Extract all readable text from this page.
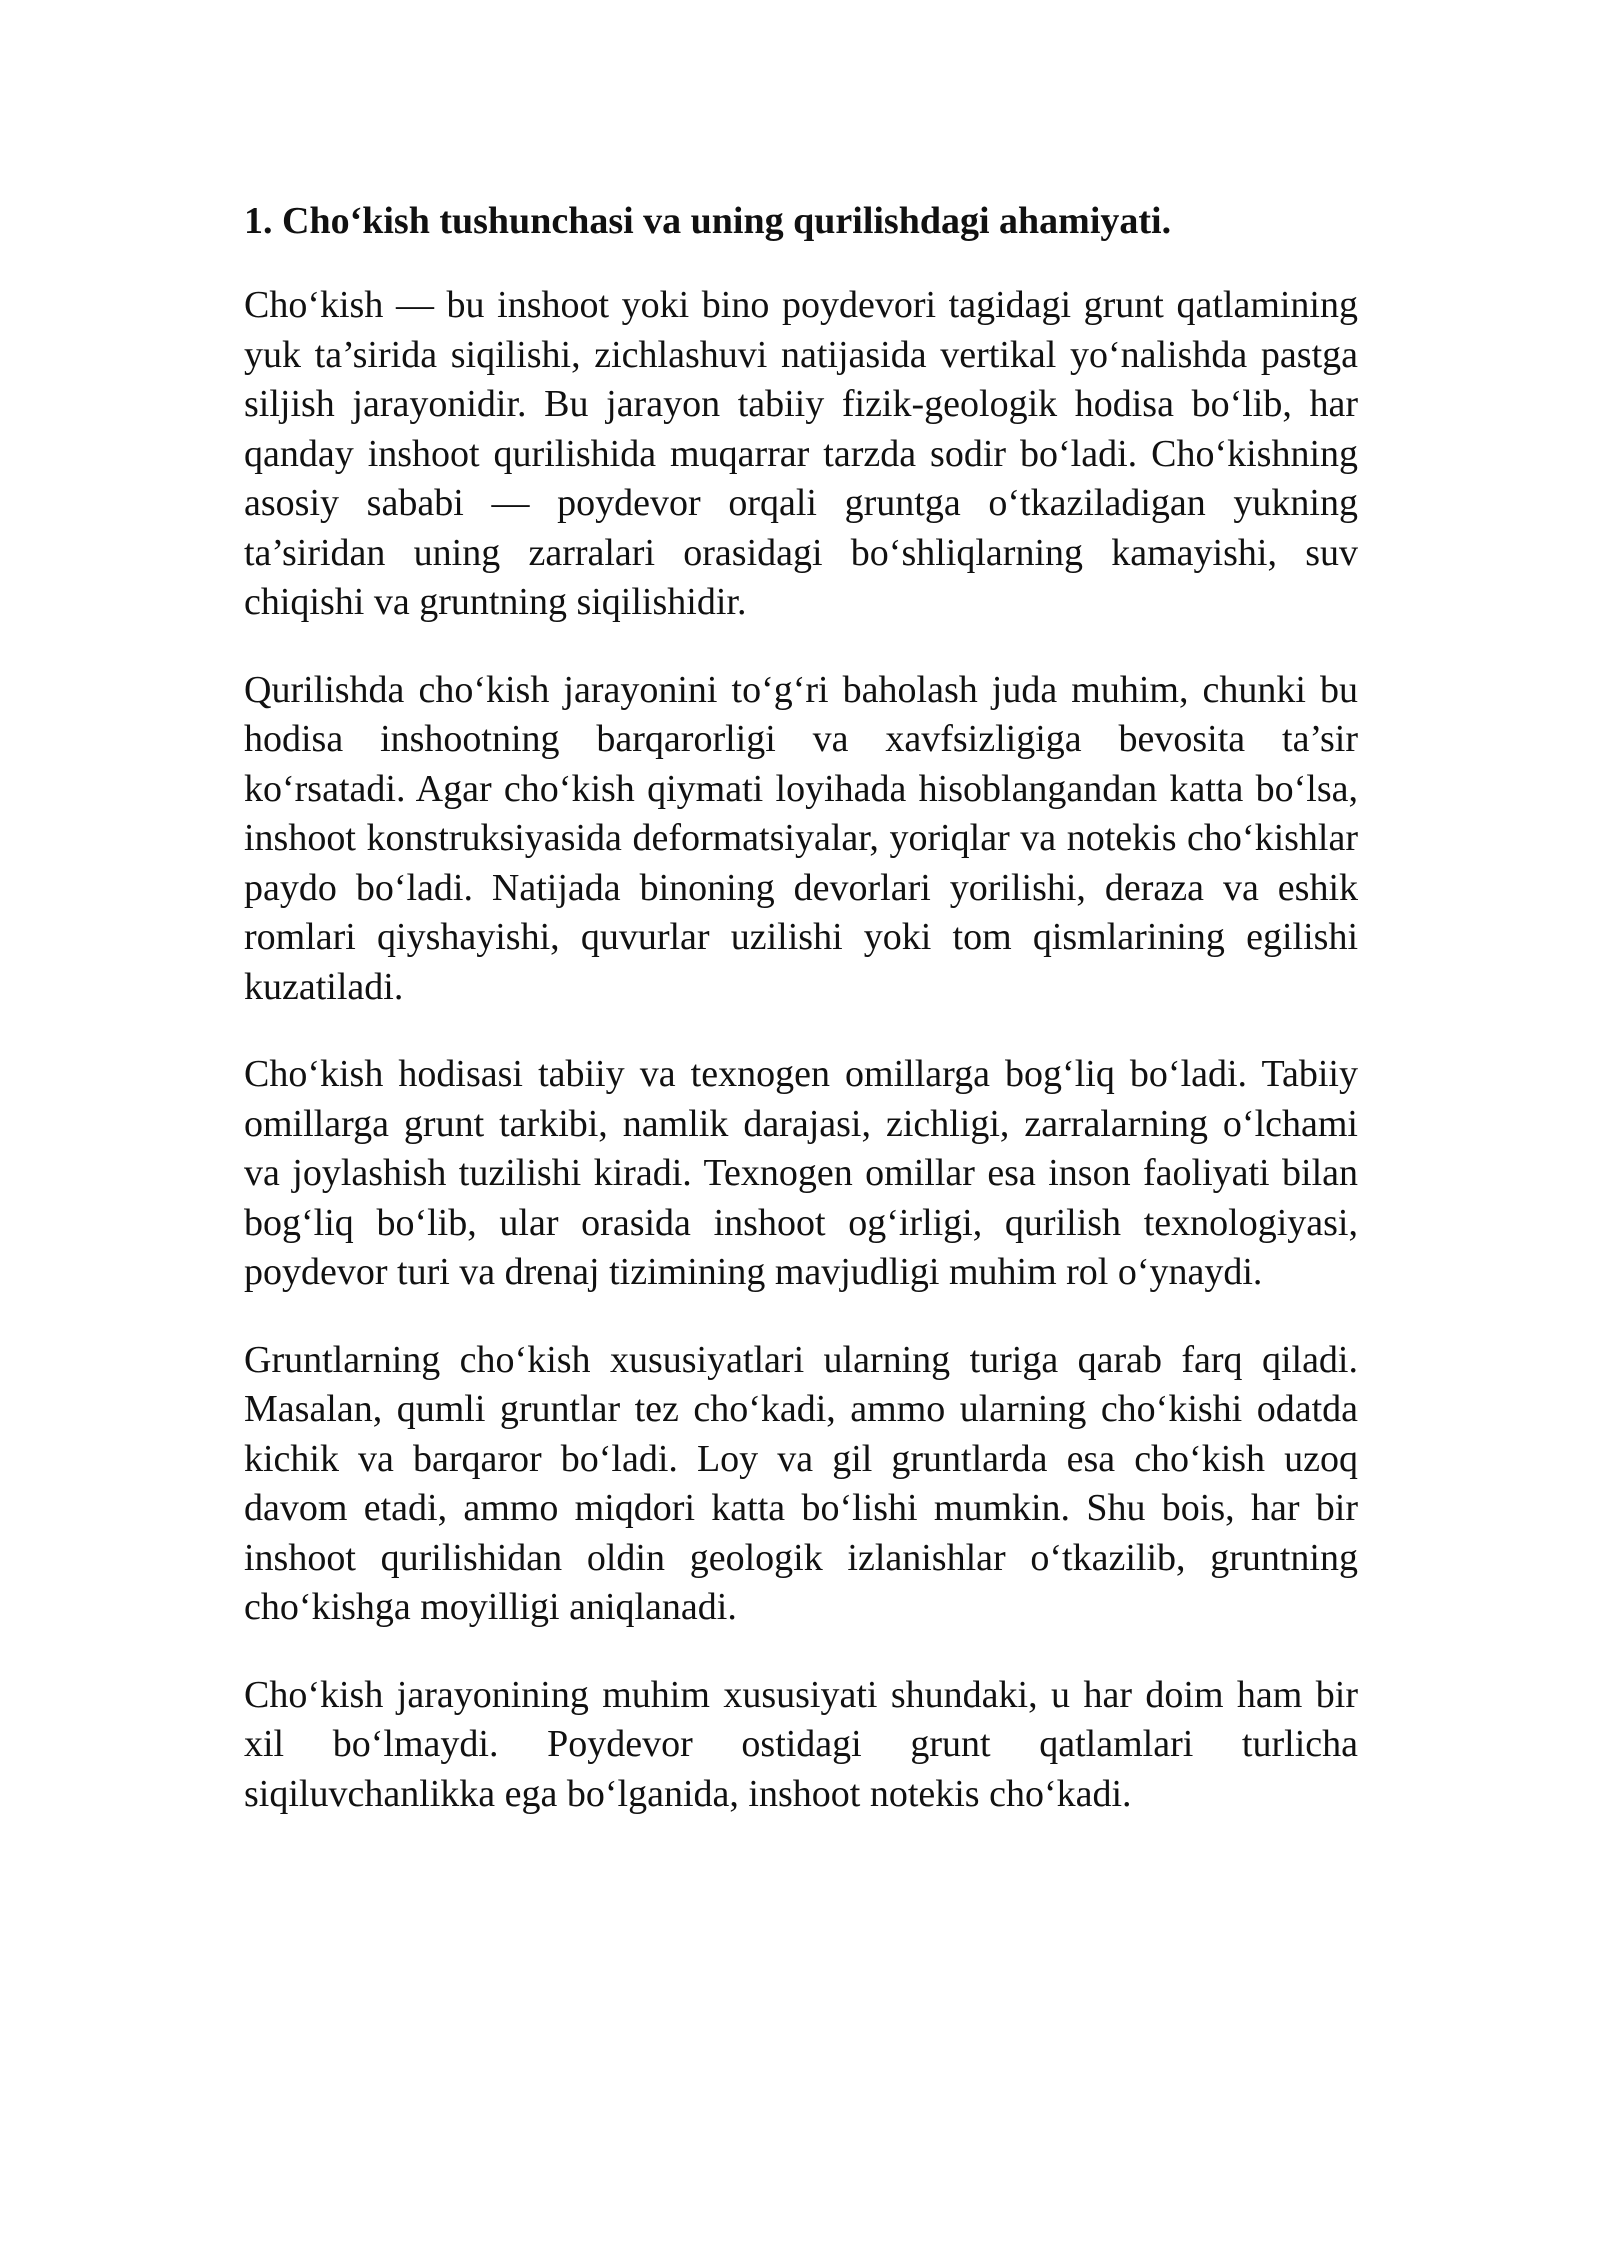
1. Cho‘kish tushunchasi va uning qurilishdagi ahamiyati.

Cho‘kish — bu inshoot yoki bino poydevori tagidagi grunt qatlamining yuk ta’sirida siqilishi, zichlashuvi natijasida vertikal yo‘nalishda pastga siljish jarayonidir. Bu jarayon tabiiy fizik-geologik hodisa bo‘lib, har qanday inshoot qurilishida muqarrar tarzda sodir bo‘ladi. Cho‘kishning asosiy sababi — poydevor orqali gruntga o‘tkaziladigan yukning ta’siridan uning zarralari orasidagi bo‘shliqlarning kamayishi, suv chiqishi va gruntning siqilishidir.

Qurilishda cho‘kish jarayonini to‘g‘ri baholash juda muhim, chunki bu hodisa inshootning barqarorligi va xavfsizligiga bevosita ta’sir ko‘rsatadi. Agar cho‘kish qiymati loyihada hisoblangandan katta bo‘lsa, inshoot konstruksiyasida deformatsiyalar, yoriqlar va notekis cho‘kishlar paydo bo‘ladi. Natijada binoning devorlari yorilishi, deraza va eshik romlari qiyshayishi, quvurlar uzilishi yoki tom qismlarining egilishi kuzatiladi.

Cho‘kish hodisasi tabiiy va texnogen omillarga bog‘liq bo‘ladi. Tabiiy omillarga grunt tarkibi, namlik darajasi, zichligi, zarralarning o‘lchami va joylashish tuzilishi kiradi. Texnogen omillar esa inson faoliyati bilan bog‘liq bo‘lib, ular orasida inshoot og‘irligi, qurilish texnologiyasi, poydevor turi va drenaj tizimining mavjudligi muhim rol o‘ynaydi.

Gruntlarning cho‘kish xususiyatlari ularning turiga qarab farq qiladi. Masalan, qumli gruntlar tez cho‘kadi, ammo ularning cho‘kishi odatda kichik va barqaror bo‘ladi. Loy va gil gruntlarda esa cho‘kish uzoq davom etadi, ammo miqdori katta bo‘lishi mumkin. Shu bois, har bir inshoot qurilishidan oldin geologik izlanishlar o‘tkazilib, gruntning cho‘kishga moyilligi aniqlanadi.

Cho‘kish jarayonining muhim xususiyati shundaki, u har doim ham bir xil bo‘lmaydi. Poydevor ostidagi grunt qatlamlari turlicha siqiluvchanlikka ega bo‘lganida, inshoot notekis cho‘kadi.
